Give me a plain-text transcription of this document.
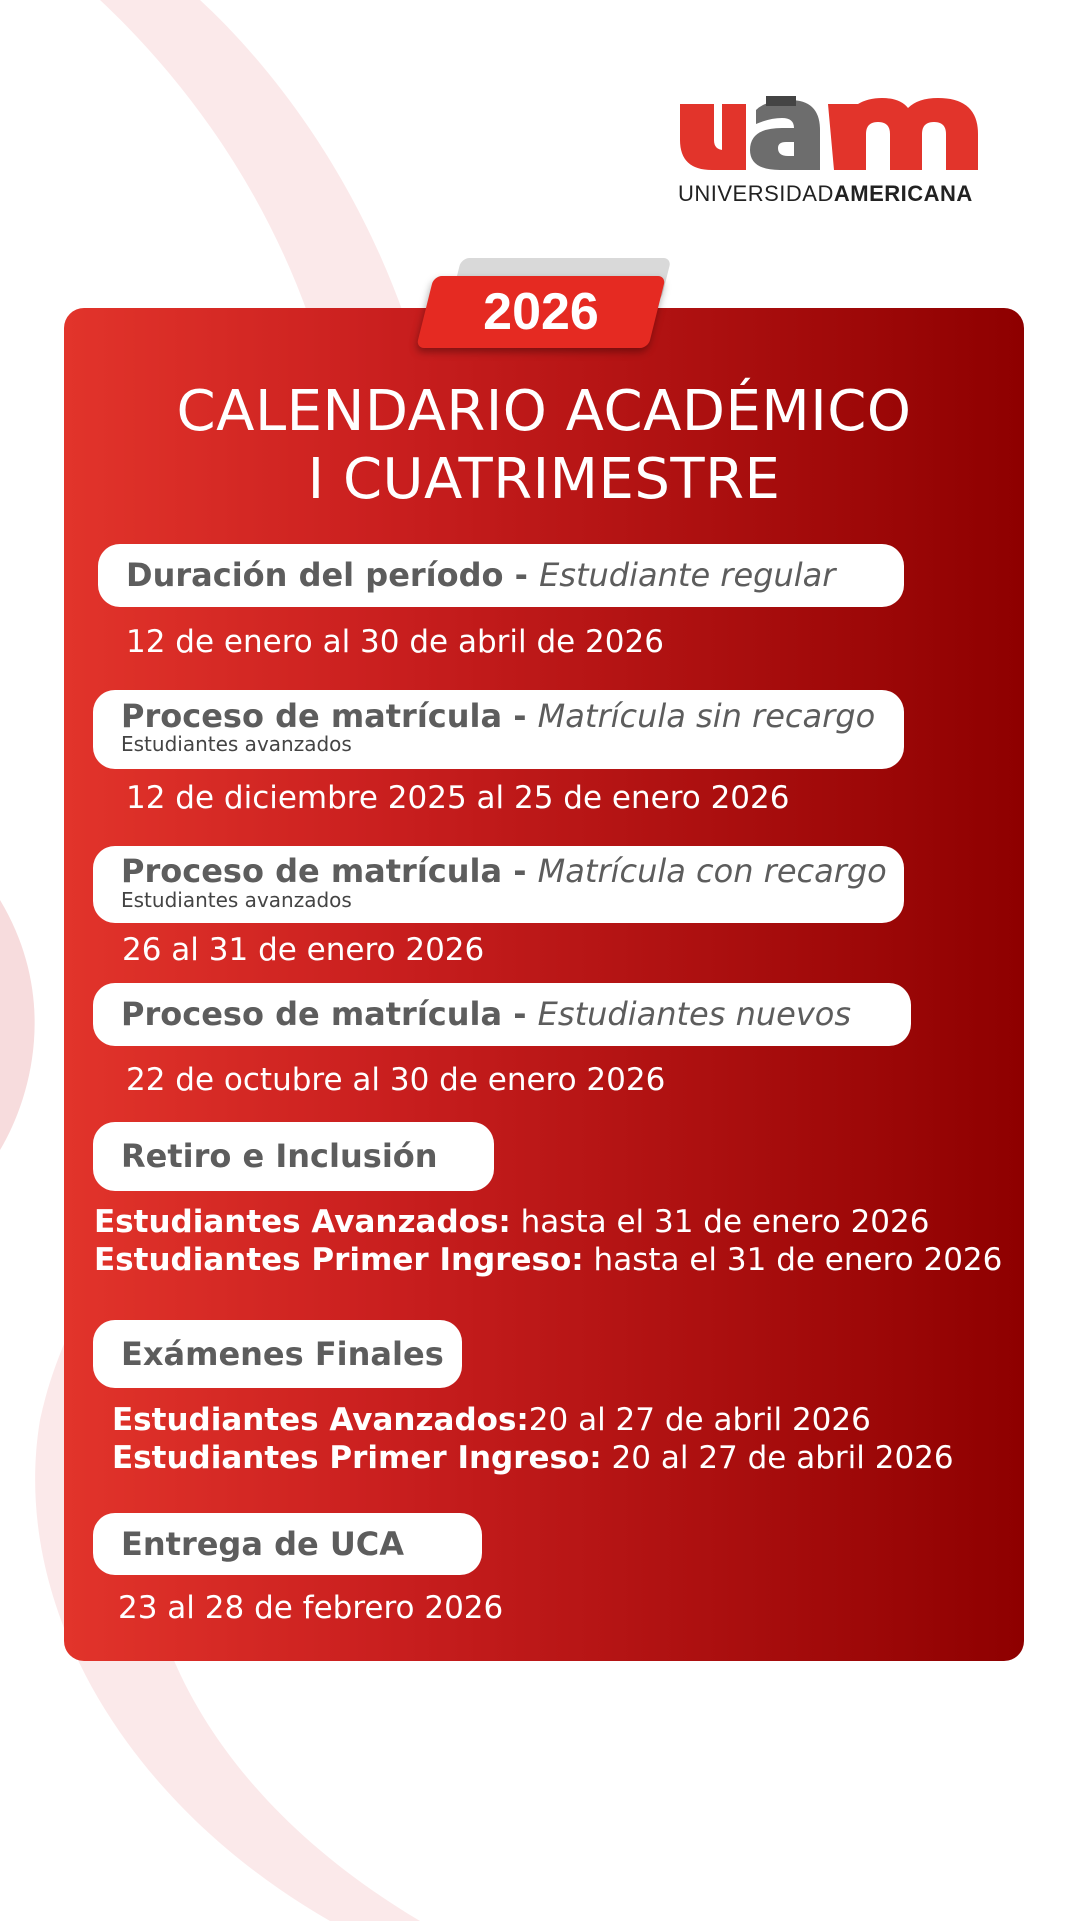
UNIVERSIDADAMERICANA
2026
CALENDARIO ACADÉMICO
I CUATRIMESTRE
Duración del período - Estudiante regular
12 de enero al 30 de abril de 2026
Proceso de matrícula - Matrícula sin recargo
Estudiantes avanzados
12 de diciembre 2025 al 25 de enero 2026
Proceso de matrícula - Matrícula con recargo
Estudiantes avanzados
26 al 31 de enero 2026
Proceso de matrícula - Estudiantes nuevos
22 de octubre al 30 de enero 2026
Retiro e Inclusión
Estudiantes Avanzados: hasta el 31 de enero 2026
Estudiantes Primer Ingreso: hasta el 31 de enero 2026
Exámenes Finales
Estudiantes Avanzados:20 al 27 de abril 2026
Estudiantes Primer Ingreso: 20 al 27 de abril 2026
Entrega de UCA
23 al 28 de febrero 2026
